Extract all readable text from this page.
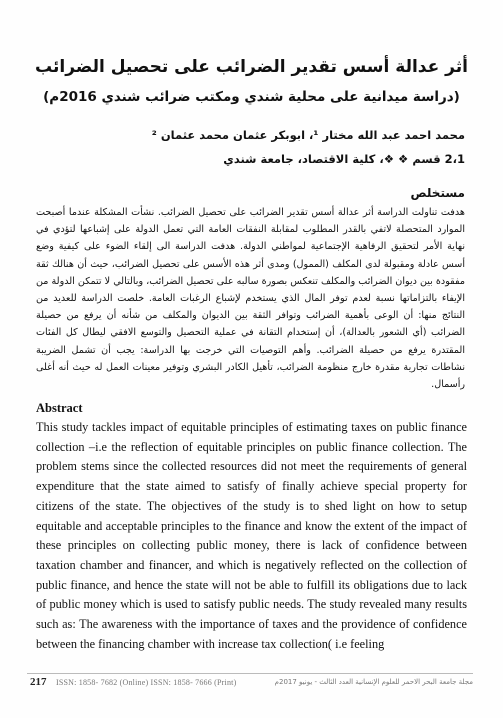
أثر عدالة أسس تقدير الضرائب على تحصيل الضرائب
(دراسة ميدانية على محلية شندي ومكتب ضرائب شندي 2016م)
محمد احمد عبد الله مختار ¹، ابوبكر عثمان محمد عثمان ²
2،1 قسم ❖ ❖، كلية الاقتصاد، جامعة شندي
مستخلص
هدفت تناولت الدراسة أثر عدالة أسس تقدير الضرائب على تحصيل الضرائب. نشأت المشكلة عندما أصبحت الموارد المتحصلة لاتفي بالقدر المطلوب لمقابلة النفقات العامة التي تعمل الدولة على إشباعها لتؤدي في نهاية الأمر لتحقيق الرفاهية الإجتماعية لمواطني الدولة. هدفت الدراسة الى إلقاء الضوء على كيفية وضع أسس عادلة ومقبولة لدى المكلف (الممول) ومدى أثر هذه الأسس على تحصيل الضرائب، حيث أن هنالك ثقة مفقودة بين ديوان الضرائب والمكلف تنعكس بصورة سالبه على تحصيل الضرائب، وبالتالي لا تتمكن الدولة من الإيفاء بالتزاماتها نسبة لعدم توفر المال الذي يستخدم لإشباع الرغبات العامة. خلصت الدراسة للعديد من النتائج منها: أن الوعى بأهمية الضرائب وتوافر الثقة بين الديوان والمكلف من شأنه أن يرفع من حصيلة الضرائب (أي الشعور بالعدالة)، أن إستخدام التقانة في عملية التحصيل والتوسع الافقي ليطال كل الفئات المقتدرة يرفع من حصيلة الضرائب. وأهم التوصيات التي خرجت بها الدراسة: يجب أن تشمل الضريبة نشاطات تجارية مقدرة خارج منظومة الضرائب، تأهيل الكادر البشري وتوفير معينات العمل له حيث أنه أغلى رأسمال.
Abstract
This study tackles impact of equitable principles of estimating taxes on public finance collection –i.e the reflection of equitable principles on public finance collection. The problem stems since the collected resources did not meet the requirements of general expenditure that the state aimed to satisfy of finally achieve special property for citizens of the state. The objectives of the study is to shed light on how to setup equitable and acceptable principles to the finance and know the extent of the impact of these principles on collecting public money, there is lack of confidence between taxation chamber and financer, and which is negatively reflected on the collection of public finance, and hence the state will not be able to fulfill its obligations due to lack of public money which is used to satisfy public needs. The study revealed many results such as: The awareness with the importance of taxes and the providence of confidence between the financing chamber with increase tax collection( i.e feeling
217 ISSN: 1858- 7682 (Online) ISSN: 1858- 7666 (Print)	مجلة جامعة البحر الاحمر للعلوم الإنسانية العدد الثالث - يونيو 2017م
